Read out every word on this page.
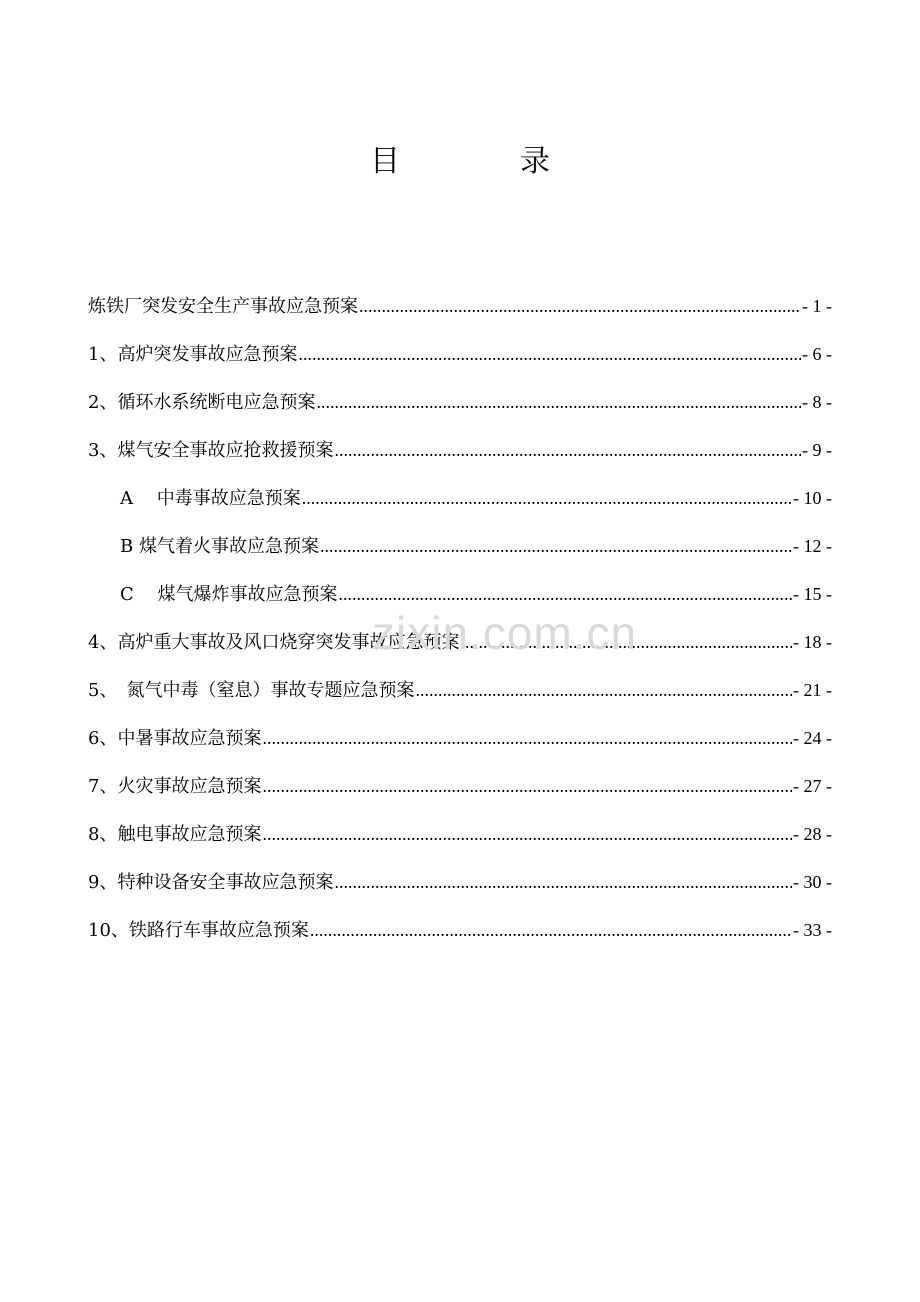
目	录
炼铁厂突发安全生产事故应急预案 .....	- 1 -
1、高炉突发事故应急预案 .....	- 6 -
2、循环水系统断电应急预案 .....	- 8 -
3、煤气安全事故应抢救援预案 .....	- 9 -
A　 中毒事故应急预案 .....	- 10 -
B 煤气着火事故应急预案 .....	- 12 -
C　 煤气爆炸事故应急预案 .....	- 15 -
4、高炉重大事故及风口烧穿突发事故应急预案 .....	- 18 -
5、　氮气中毒（窒息）事故专题应急预案 .....	- 21 -
6、中暑事故应急预案 .....	- 24 -
7、火灾事故应急预案 .....	- 27 -
8、触电事故应急预案 .....	- 28 -
9、特种设备安全事故应急预案 .....	- 30 -
10、铁路行车事故应急预案 .....	- 33 -
zixin.com.cn
